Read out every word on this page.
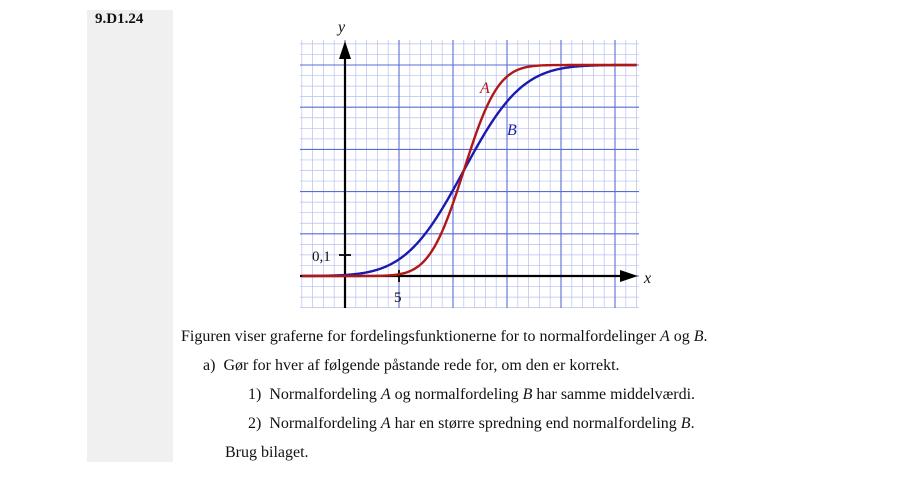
9.D1.24	y
x
0,1
5
A
B
Figuren viser graferne for fordelingsfunktionerne for to normalfordelinger A og B.
a) Gør for hver af følgende påstande rede for, om den er korrekt.
1) Normalfordeling A og normalfordeling B har samme middelværdi.
2) Normalfordeling A har en større spredning end normalfordeling B.
Brug bilaget.
